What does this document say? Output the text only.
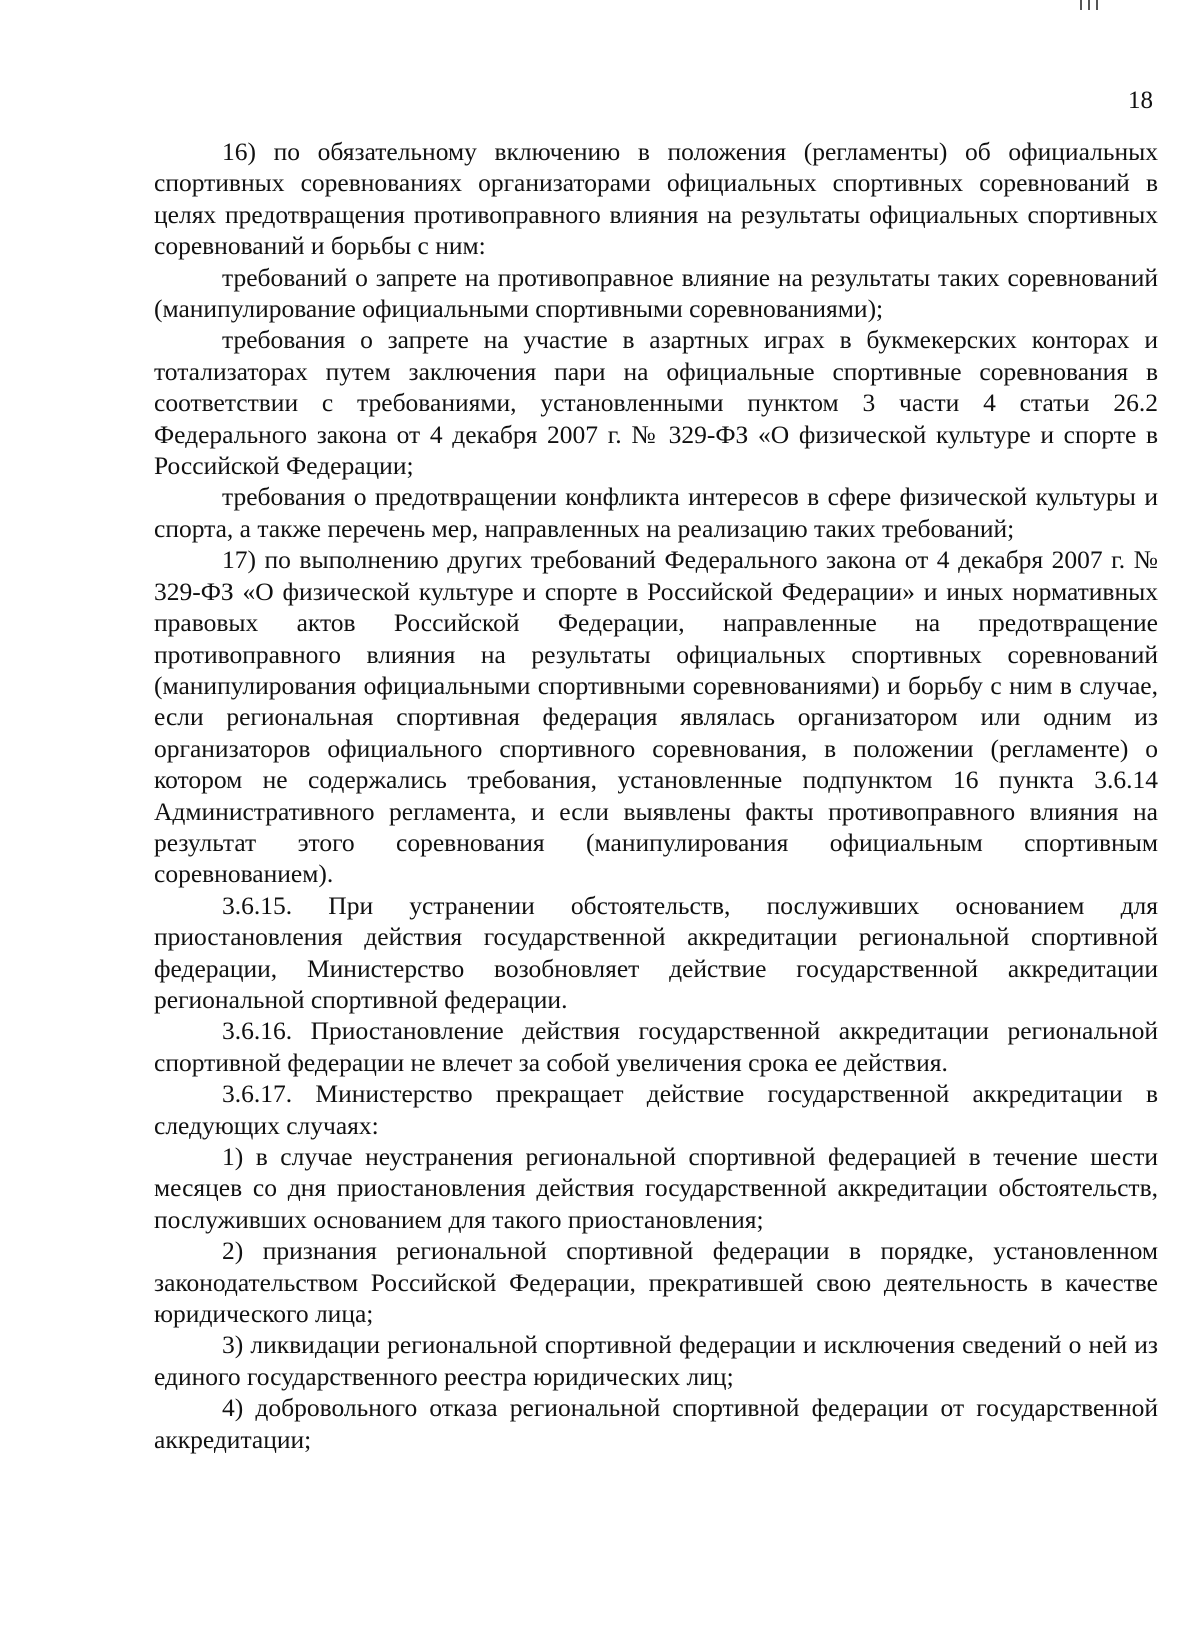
18

16) по обязательному включению в положения (регламенты) об официальных спортивных соревнованиях организаторами официальных спортивных соревнований в целях предотвращения противоправного влияния на результаты официальных спортивных соревнований и борьбы с ним:

требований о запрете на противоправное влияние на результаты таких соревнований (манипулирование официальными спортивными соревнованиями);

требования о запрете на участие в азартных играх в букмекерских конторах и тотализаторах путем заключения пари на официальные спортивные соревнования в соответствии с требованиями, установленными пунктом 3 части 4 статьи 26.2 Федерального закона от 4 декабря 2007 г. № 329-ФЗ «О физической культуре и спорте в Российской Федерации;

требования о предотвращении конфликта интересов в сфере физической культуры и спорта, а также перечень мер, направленных на реализацию таких требований;

17) по выполнению других требований Федерального закона от 4 декабря 2007 г. № 329-ФЗ «О физической культуре и спорте в Российской Федерации» и иных нормативных правовых актов Российской Федерации, направленные на предотвращение противоправного влияния на результаты официальных спортивных соревнований (манипулирования официальными спортивными соревнованиями) и борьбу с ним в случае, если региональная спортивная федерация являлась организатором или одним из организаторов официального спортивного соревнования, в положении (регламенте) о котором не содержались требования, установленные подпунктом 16 пункта 3.6.14 Административного регламента, и если выявлены факты противоправного влияния на результат этого соревнования (манипулирования официальным спортивным соревнованием).

3.6.15. При устранении обстоятельств, послуживших основанием для приостановления действия государственной аккредитации региональной спортивной федерации, Министерство возобновляет действие государственной аккредитации региональной спортивной федерации.

3.6.16. Приостановление действия государственной аккредитации региональной спортивной федерации не влечет за собой увеличения срока ее действия.

3.6.17. Министерство прекращает действие государственной аккредитации в следующих случаях:

1) в случае неустранения региональной спортивной федерацией в течение шести месяцев со дня приостановления действия государственной аккредитации обстоятельств, послуживших основанием для такого приостановления;

2) признания региональной спортивной федерации в порядке, установленном законодательством Российской Федерации, прекратившей свою деятельность в качестве юридического лица;

3) ликвидации региональной спортивной федерации и исключения сведений о ней из единого государственного реестра юридических лиц;

4) добровольного отказа региональной спортивной федерации от государственной аккредитации;
